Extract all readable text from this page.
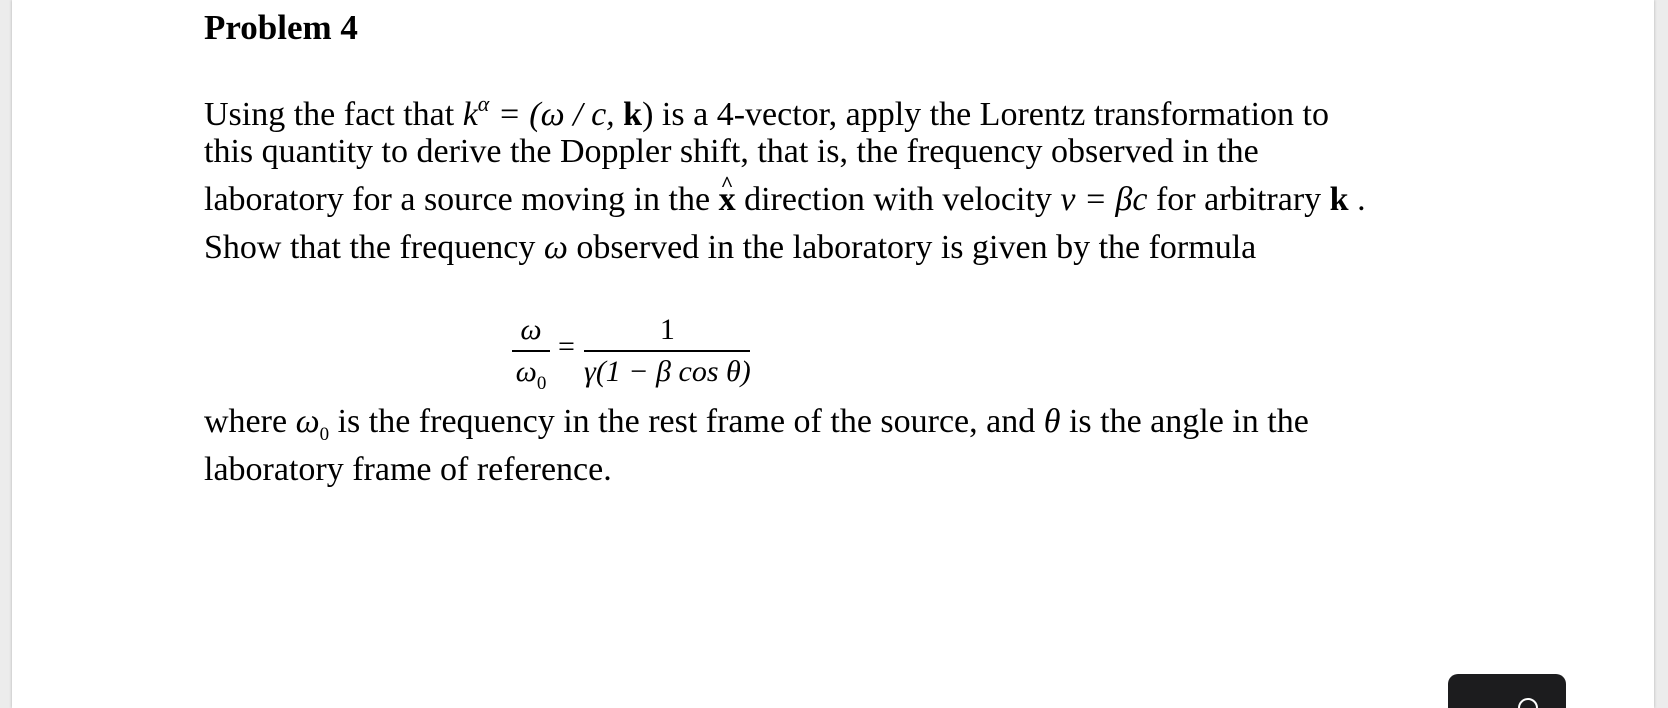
Problem 4
Using the fact that $k^\alpha = (\omega / c$, k) is a 4-vector, apply the Lorentz transformation to
this quantity to derive the Doppler shift, that is, the frequency observed in the
laboratory for a source moving in the ^ x direction with velocity v = βc for arbitrary k .
Show that the frequency ω observed in the laboratory is given by the formula
ω
$\omega_0$
=
1
γ(1 − β cos θ)
where $\omega_0$ is the frequency in the rest frame of the source, and θ is the angle in the
laboratory frame of reference.
